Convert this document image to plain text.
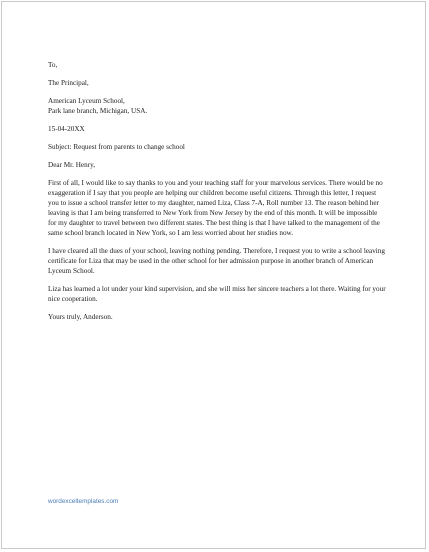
To,

The Principal,

American Lyceum School,

Park lane branch, Michigan, USA.

15-04-20XX

Subject: Request from parents to change school

Dear Mr. Henry,

First of all, I would like to say thanks to you and your teaching staff for your marvelous services. There would be no exaggeration if I say that you people are helping our children become useful citizens. Through this letter, I request you to issue a school transfer letter to my daughter, named Liza, Class 7-A, Roll number 13. The reason behind her leaving is that I am being transferred to New York from New Jersey by the end of this month. It will be impossible for my daughter to travel between two different states. The best thing is that I have talked to the management of the same school branch located in New York, so I am less worried about her studies now.

I have cleared all the dues of your school, leaving nothing pending. Therefore, I request you to write a school leaving certificate for Liza that may be used in the other school for her admission purpose in another branch of American Lyceum School.

Liza has learned a lot under your kind supervision, and she will miss her sincere teachers a lot there. Waiting for your nice cooperation.

Yours truly, Anderson.

wordexceltemplates.com
